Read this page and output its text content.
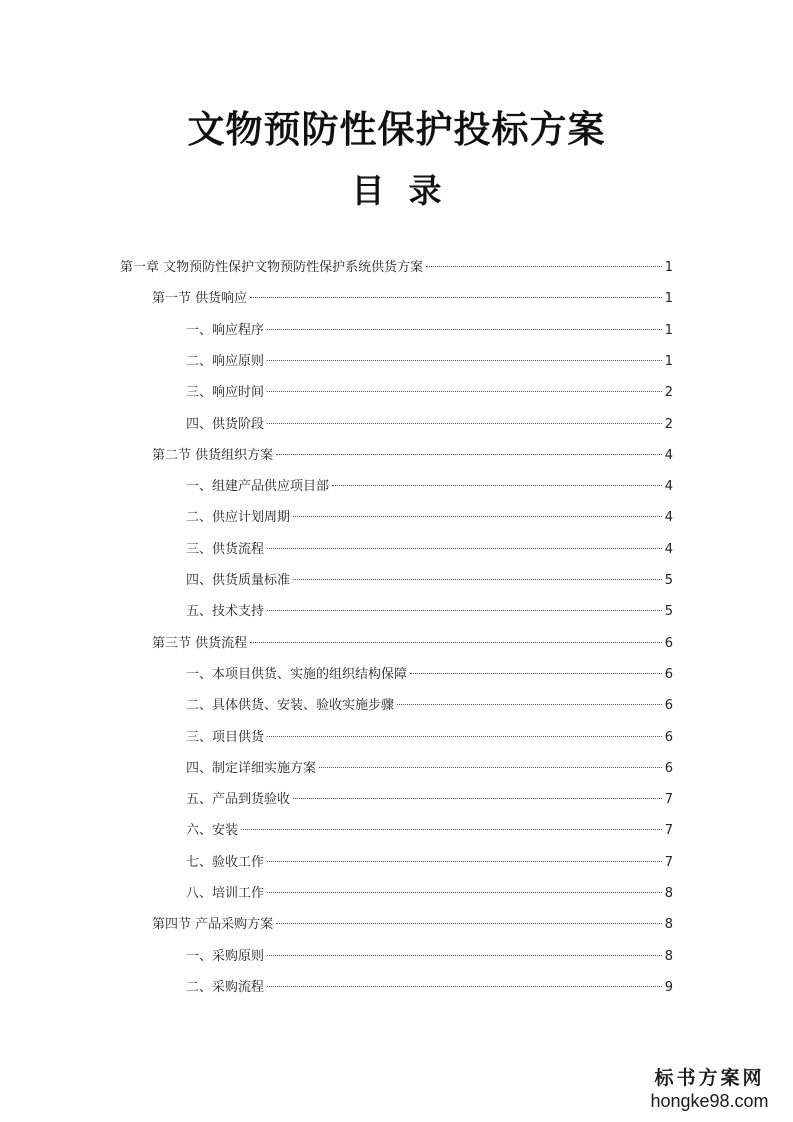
文物预防性保护投标方案
目 录
第一章 文物预防性保护文物预防性保护系统供货方案	1
第一节 供货响应	1
一、响应程序	1
二、响应原则	1
三、响应时间	2
四、供货阶段	2
第二节 供货组织方案	4
一、组建产品供应项目部	4
二、供应计划周期	4
三、供货流程	4
四、供货质量标准	5
五、技术支持	5
第三节 供货流程	6
一、本项目供货、实施的组织结构保障	6
二、具体供货、安装、验收实施步骤	6
三、项目供货	6
四、制定详细实施方案	6
五、产品到货验收	7
六、安装	7
七、验收工作	7
八、培训工作	8
第四节 产品采购方案	8
一、采购原则	8
二、采购流程	9
标书方案网
hongke98.com
